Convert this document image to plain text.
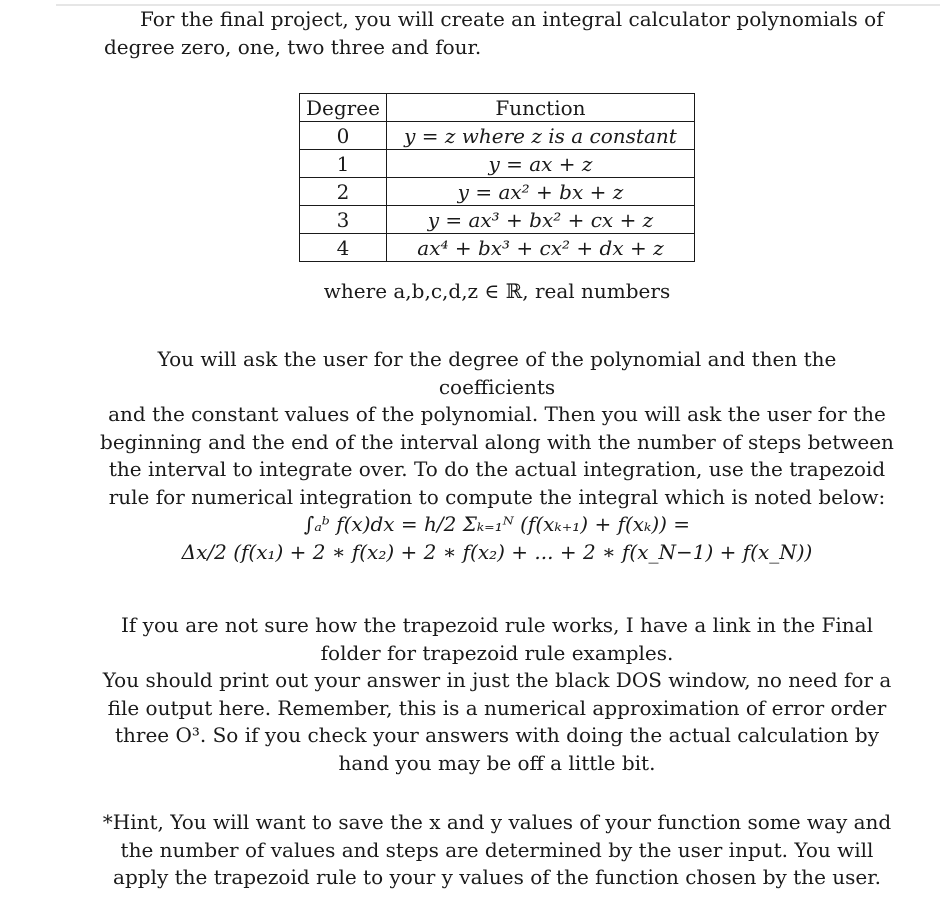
For the final project, you will create an integral calculator polynomials of
degree zero, one, two three and four.

Degree	Function
0	y = z where z is a constant
1	y = ax + z
2	y = ax² + bx + z
3	y = ax³ + bx² + cx + z
4	ax⁴ + bx³ + cx² + dx + z

where a,b,c,d,z ∈ ℝ, real numbers

You will ask the user for the degree of the polynomial and then the coefficients
and the constant values of the polynomial. Then you will ask the user for the
beginning and the end of the interval along with the number of steps between
the interval to integrate over. To do the actual integration, use the trapezoid
rule for numerical integration to compute the integral which is noted below:

∫ₐᵇ f(x)dx = h/2 Σₖ₌₁ᴺ (f(xₖ₊₁) + f(xₖ)) =
Δx/2 (f(x₁) + 2 ∗ f(x₂) + 2 ∗ f(x₂) + ... + 2 ∗ f(x_N−1) + f(x_N))

If you are not sure how the trapezoid rule works, I have a link in the Final
folder for trapezoid rule examples.
You should print out your answer in just the black DOS window, no need for a
file output here. Remember, this is a numerical approximation of error order
three O³. So if you check your answers with doing the actual calculation by
hand you may be off a little bit.

*Hint, You will want to save the x and y values of your function some way and
the number of values and steps are determined by the user input. You will
apply the trapezoid rule to your y values of the function chosen by the user.
